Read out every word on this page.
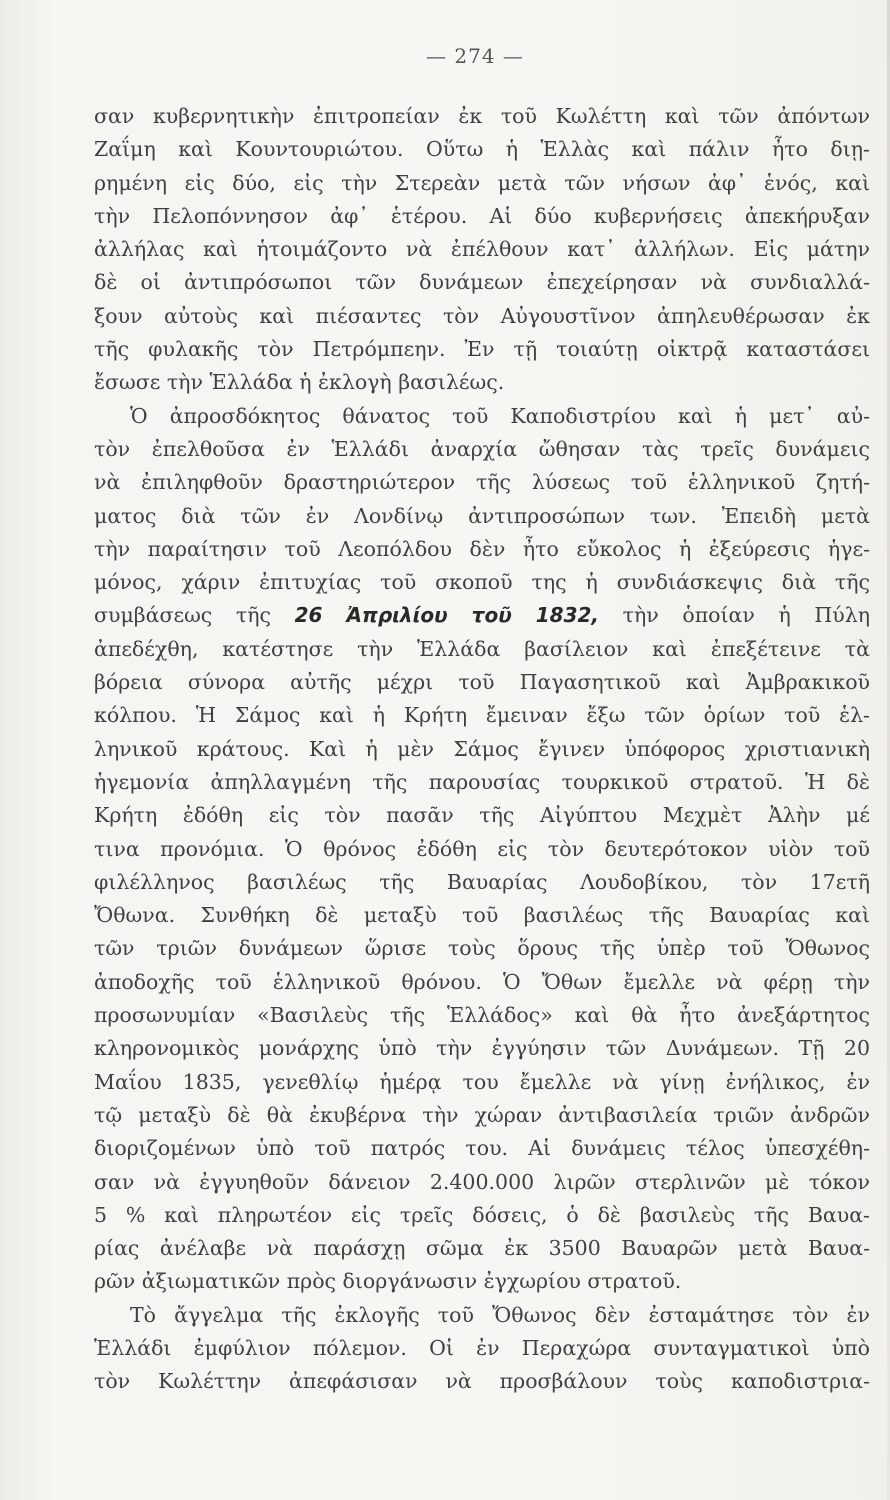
— 274 —
σαν κυβερνητικὴν ἐπιτροπείαν ἐκ τοῦ Κωλέττη καὶ τῶν ἀπόντων
Ζαΐμη καὶ Κουντουριώτου. Οὕτω ἡ Ἑλλὰς καὶ πάλιν ἦτο διῃ-
ρημένη εἰς δύο, εἰς τὴν Στερεὰν μετὰ τῶν νήσων ἀφ᾽ ἑνός, καὶ
τὴν Πελοπόννησον ἀφ᾽ ἑτέρου. Αἱ δύο κυβερνήσεις ἀπεκήρυξαν
ἀλλήλας καὶ ἡτοιμάζοντο νὰ ἐπέλθουν κατ᾽ ἀλλήλων. Εἰς μάτην
δὲ οἱ ἀντιπρόσωποι τῶν δυνάμεων ἐπεχείρησαν νὰ συνδιαλλά-
ξουν αὐτοὺς καὶ πιέσαντες τὸν Αὐγουστῖνον ἀπηλευθέρωσαν ἐκ
τῆς φυλακῆς τὸν Πετρόμπεην. Ἐν τῇ τοιαύτῃ οἰκτρᾷ καταστάσει
ἔσωσε τὴν Ἑλλάδα ἡ ἐκλογὴ βασιλέως.
Ὁ ἀπροσδόκητος θάνατος τοῦ Καποδιστρίου καὶ ἡ μετ᾽ αὐ-
τὸν ἐπελθοῦσα ἐν Ἑλλάδι ἀναρχία ὤθησαν τὰς τρεῖς δυνάμεις
νὰ ἐπιληφθοῦν δραστηριώτερον τῆς λύσεως τοῦ ἑλληνικοῦ ζητή-
ματος διὰ τῶν ἐν Λονδίνῳ ἀντιπροσώπων των. Ἐπειδὴ μετὰ
τὴν παραίτησιν τοῦ Λεοπόλδου δὲν ἦτο εὔκολος ἡ ἐξεύρεσις ἡγε-
μόνος, χάριν ἐπιτυχίας τοῦ σκοποῦ της ἡ συνδιάσκεψις διὰ τῆς
συμβάσεως τῆς 26 Ἀπριλίου τοῦ 1832, τὴν ὁποίαν ἡ Πύλη
ἀπεδέχθη, κατέστησε τὴν Ἑλλάδα βασίλειον καὶ ἐπεξέτεινε τὰ
βόρεια σύνορα αὐτῆς μέχρι τοῦ Παγασητικοῦ καὶ Ἀμβρακικοῦ
κόλπου. Ἡ Σάμος καὶ ἡ Κρήτη ἔμειναν ἔξω τῶν ὁρίων τοῦ ἑλ-
ληνικοῦ κράτους. Καὶ ἡ μὲν Σάμος ἔγινεν ὑπόφορος χριστιανικὴ
ἡγεμονία ἀπηλλαγμένη τῆς παρουσίας τουρκικοῦ στρατοῦ. Ἡ δὲ
Κρήτη ἐδόθη εἰς τὸν πασᾶν τῆς Αἰγύπτου Μεχμὲτ Ἀλὴν μέ
τινα προνόμια. Ὁ θρόνος ἐδόθη εἰς τὸν δευτερότοκον υἱὸν τοῦ
φιλέλληνος βασιλέως τῆς Βαυαρίας Λουδοβίκου, τὸν 17ετῆ
Ὄθωνα. Συνθήκη δὲ μεταξὺ τοῦ βασιλέως τῆς Βαυαρίας καὶ
τῶν τριῶν δυνάμεων ὥρισε τοὺς ὅρους τῆς ὑπὲρ τοῦ Ὄθωνος
ἀποδοχῆς τοῦ ἑλληνικοῦ θρόνου. Ὁ Ὄθων ἔμελλε νὰ φέρῃ τὴν
προσωνυμίαν «Βασιλεὺς τῆς Ἑλλάδος» καὶ θὰ ἦτο ἀνεξάρτητος
κληρονομικὸς μονάρχης ὑπὸ τὴν ἐγγύησιν τῶν Δυνάμεων. Τῇ 20
Μαΐου 1835, γενεθλίῳ ἡμέρᾳ του ἔμελλε νὰ γίνῃ ἐνήλικος, ἐν
τῷ μεταξὺ δὲ θὰ ἐκυβέρνα τὴν χώραν ἀντιβασιλεία τριῶν ἀνδρῶν
διοριζομένων ὑπὸ τοῦ πατρός του. Αἱ δυνάμεις τέλος ὑπεσχέθη-
σαν νὰ ἐγγυηθοῦν δάνειον 2.400.000 λιρῶν στερλινῶν μὲ τόκον
5 % καὶ πληρωτέον εἰς τρεῖς δόσεις, ὁ δὲ βασιλεὺς τῆς Βαυα-
ρίας ἀνέλαβε νὰ παράσχῃ σῶμα ἐκ 3500 Βαυαρῶν μετὰ Βαυα-
ρῶν ἀξιωματικῶν πρὸς διοργάνωσιν ἐγχωρίου στρατοῦ.
Τὸ ἄγγελμα τῆς ἐκλογῆς τοῦ Ὄθωνος δὲν ἐσταμάτησε τὸν ἐν
Ἑλλάδι ἐμφύλιον πόλεμον. Οἱ ἐν Περαχώρα συνταγματικοὶ ὑπὸ
τὸν Κωλέττην ἀπεφάσισαν νὰ προσβάλουν τοὺς καποδιστρια-
